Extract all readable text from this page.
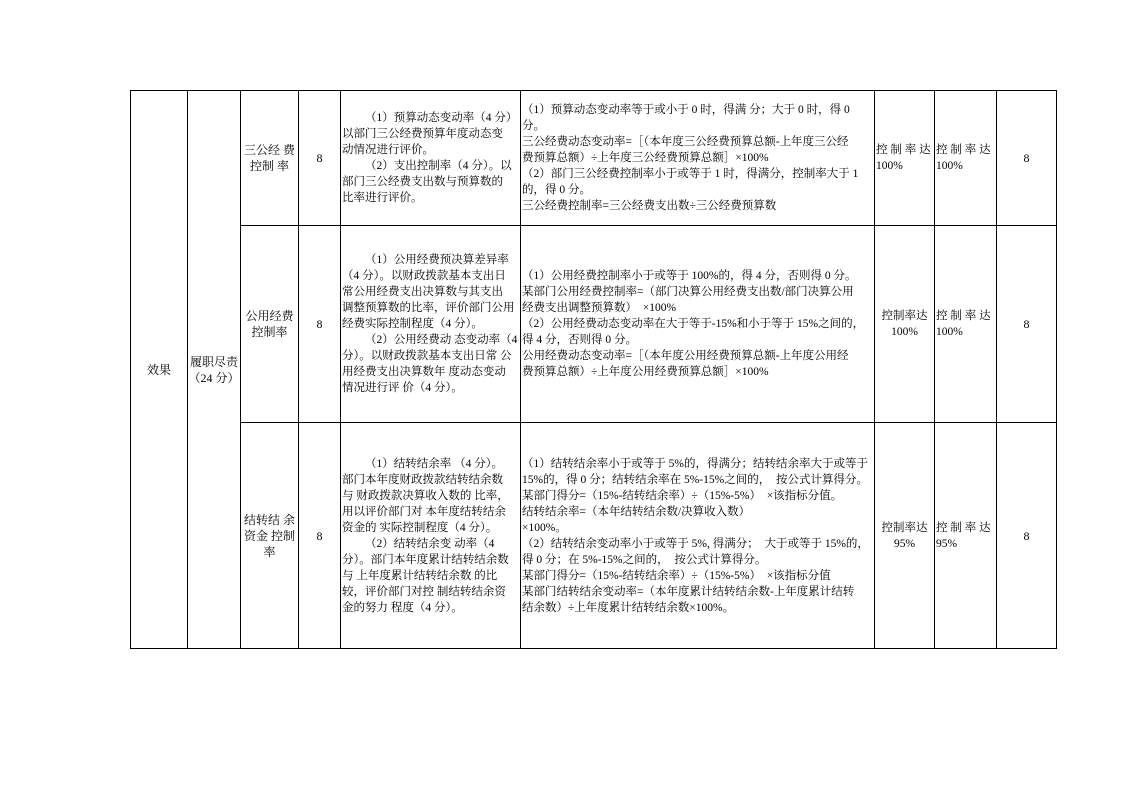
效果
履职尽责
（24 分）
三公经 费
控制 率
8
（1）预算动态变动率（4 分）
以部门三公经费预算年度动态变
动情况进行评价。
（2）支出控制率（4 分）。以
部门三公经费支出数与预算数的
比率进行评价。
（1）预算动态变动率等于或小于 0 时，得满 分；大于 0 时，得 0
分。
三公经费动态变动率=［（本年度三公经费预算总额-上年度三公经
费预算总额）÷上年度三公经费预算总额］×100%
（2）部门三公经费控制率小于或等于 1 时，得满分，控制率大于 1
的，得 0 分。
三公经费控制率=三公经费支出数÷三公经费预算数
控 制 率 达
100%
控 制 率 达
100%
8
公用经费
控制率
8
（1）公用经费预决算差异率
（4 分）。以财政拨款基本支出日
常公用经费支出决算数与其支出
调整预算数的比率，评价部门公用
经费实际控制程度（4 分）。
（2）公用经费动 态变动率（4
分）。以财政拨款基本支出日常 公
用经费支出决算数年 度动态变动
情况进行评 价（4 分）。
（1）公用经费控制率小于或等于 100%的，得 4 分，否则得 0 分。
某部门公用经费控制率=（部门决算公用经费支出数/部门决算公用
经费支出调整预算数）  ×100%
（2）公用经费动态变动率在大于等于-15%和小于等于 15%之间的，
得 4 分，否则得 0 分。
公用经费动态变动率=［（本年度公用经费预算总额-上年度公用经
费预算总额）÷上年度公用经费预算总额］×100%
控制率达
100%
控 制 率 达
100%
8
结转结 余
资金 控制
率
8
（1）结转结余率 （4 分）。
部门本年度财政拨款结转结余数
与 财政拨款决算收入数的 比率，
用以评价部门对 本年度结转结余
资金的 实际控制程度（4 分）。
（2）结转结余变 动率（4
分）。部门本年度累计结转结余数
与 上年度累计结转结余数 的比
较，评价部门对控 制结转结余资
金的努力 程度（4 分）。
（1）结转结余率小于或等于 5%的，得满分；结转结余率大于或等于
15%的，得 0 分；结转结余率在 5%-15%之间的，  按公式计算得分。
某部门得分=（15%-结转结余率）÷（15%-5%）  ×该指标分值。
结转结余率=（本年结转结余数/决算收入数）
×100%。
（2）结转结余变动率小于或等于 5%, 得满分；  大于或等于 15%的，
得 0 分；在 5%-15%之间的，  按公式计算得分。
某部门得分=（15%-结转结余率）÷（15%-5%）  ×该指标分值
某部门结转结余变动率=（本年度累计结转结余数-上年度累计结转
结余数）÷上年度累计结转结余数×100%。
控制率达
95%
控 制 率 达
95%
8
